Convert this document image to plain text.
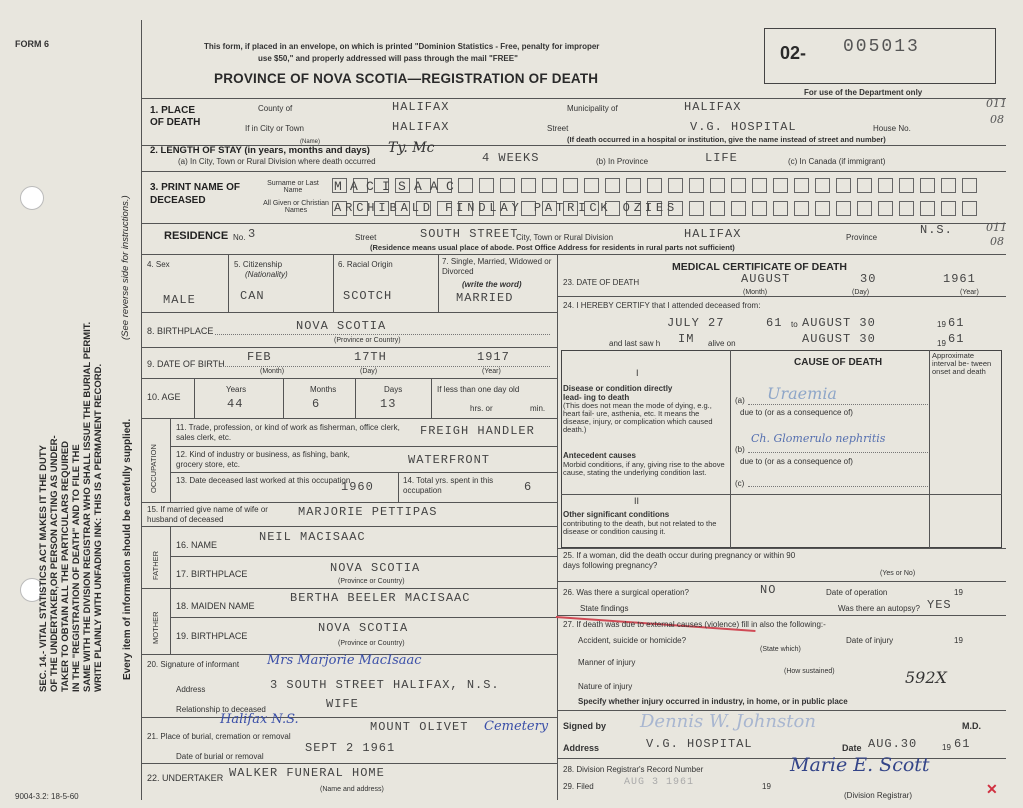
SEC. 14.- VITAL STATISTICS ACT MAKES IT THE DUTY OF THE UNDERTAKER,OR PERSON ACTING AS UNDER- TAKER TO OBTAIN ALL THE PARTICULARS REQUIRED IN THE "REGISTRATION OF DEATH" AND TO FILE THE SAME WITH THE DIVISION REGISTRAR WHO SHALL ISSUE THE BURIAL PERMIT. WRITE PLAINLY WITH UNFADING INK: THIS IS A PERMANENT RECORD.
(See reverse side for instructions.)
Every item of information should be carefully supplied.
FORM 6	This form, if placed in an envelope, on which is printed "Dominion Statistics - Free, penalty for improper
use $50," and properly addressed will pass through the mail "FREE"
PROVINCE OF NOVA SCOTIA—REGISTRATION OF DEATH
02- 005013
For use of the Department only
1. PLACE OF DEATH
County of	HALIFAX	Municipality of	HALIFAX	011
08
If in City or Town	HALIFAX	Street	V.G. HOSPITAL	House No.
(If death occurred in a hospital or institution, give the name instead of street and number)
2. LENGTH OF STAY (in years, months and days)
(Name)	Ty. Mc
(a) In City, Town or Rural Division where death occurred	4 WEEKS	(b) In Province	LIFE	(c) In Canada (if immigrant)
3. PRINT NAME OF DECEASED
Surname or Last Name
All Given or Christian Names
MACISAAC
ARCHIBALD FINDLAY PATRICK OZIES
RESIDENCE No. 3	Street	SOUTH STREET
City, Town or Rural Division	HALIFAX	Province
N.S.	011
08
(Residence means usual place of abode. Post Office Address for residents in rural parts not sufficient)
4. Sex
MALE
5. Citizenship
(Nationality)
CAN
6. Racial Origin
SCOTCH
7. Single, Married, Widowed or Divorced
(write the word)
MARRIED
8. BIRTHPLACE	NOVA SCOTIA
(Province or Country)
9. DATE OF BIRTH FEB	17TH	1917
(Month)	(Day)	(Year)
10. AGE
Years
44
Months
6
Days
13
If less than one day old
hrs. or	min.
OCCUPATION
11. Trade, profession, or kind of work as fisherman, office clerk, sales clerk, etc.	FREIGH HANDLER
12. Kind of industry or business, as fishing, bank, grocery store, etc.	WATERFRONT
13. Date deceased last worked at this occupation
1960	14. Total yrs. spent in this occupation	6
15. If married give name of wife or husband of deceased
MARJORIE PETTIPAS
FATHER
16. NAME
NEIL MACISAAC
17. BIRTHPLACE	NOVA SCOTIA
(Province or Country)
MOTHER
18. MAIDEN NAME
BERTHA BEELER MACISAAC
19. BIRTHPLACE
NOVA SCOTIA
(Province or Country)
20. Signature of informant Mrs Marjorie MacIsaac
Address	3 SOUTH STREET HALIFAX, N.S.
Relationship to deceased	WIFE
Halifax N.S.	MOUNT OLIVET Cemetery
21. Place of burial, cremation or removal
SEPT 2 1961
Date of burial or removal
22. UNDERTAKER WALKER FUNERAL HOME
(Name and address)
9004-3.2: 18-5-60
MEDICAL CERTIFICATE OF DEATH
23. DATE OF DEATH	AUGUST	30	1961
(Month)	(Day)	(Year)
24. I HEREBY CERTIFY that I attended deceased from:
JULY 27	61 to AUGUST 30	19 61
and last saw h IM alive on	AUGUST 30	19 61
CAUSE OF DEATH
Approximate interval be- tween onset and death
I
Disease or condition directly lead- ing to death
(This does not mean the mode of dying, e.g., heart fail- ure, asthenia, etc. It means the disease, injury, or complication which caused death.)
(a) Uraemia
due to (or as a consequence of)
Antecedent causes
Morbid conditions, if any, giving rise to the above cause, stating the underlying condition last.
(b)
Ch. Glomerulo nephritis
due to (or as a consequence of)
(c)
II
Other significant conditions
contributing to the death, but not related to the disease or condition causing it.
25. If a woman, did the death occur during pregnancy or within 90 days following pregnancy?
(Yes or No)
26. Was there a surgical operation?	NO	Date of operation	19
State findings	Was there an autopsy? YES
27. If death was due to external causes (violence) fill in also the following:-
Accident, suicide or homicide?	Date of injury	19
(State which)
Manner of injury
(How sustained)
Nature of injury	592X
Specify whether injury occurred in industry, in home, or in public place
Signed by Dennis W. Johnston	M.D.
Address	V.G. HOSPITAL	Date AUG.30	19 61
28. Division Registrar's Record Number
29. Filed	AUG 3 1961	19
Marie E. Scott
(Division Registrar)	✕
